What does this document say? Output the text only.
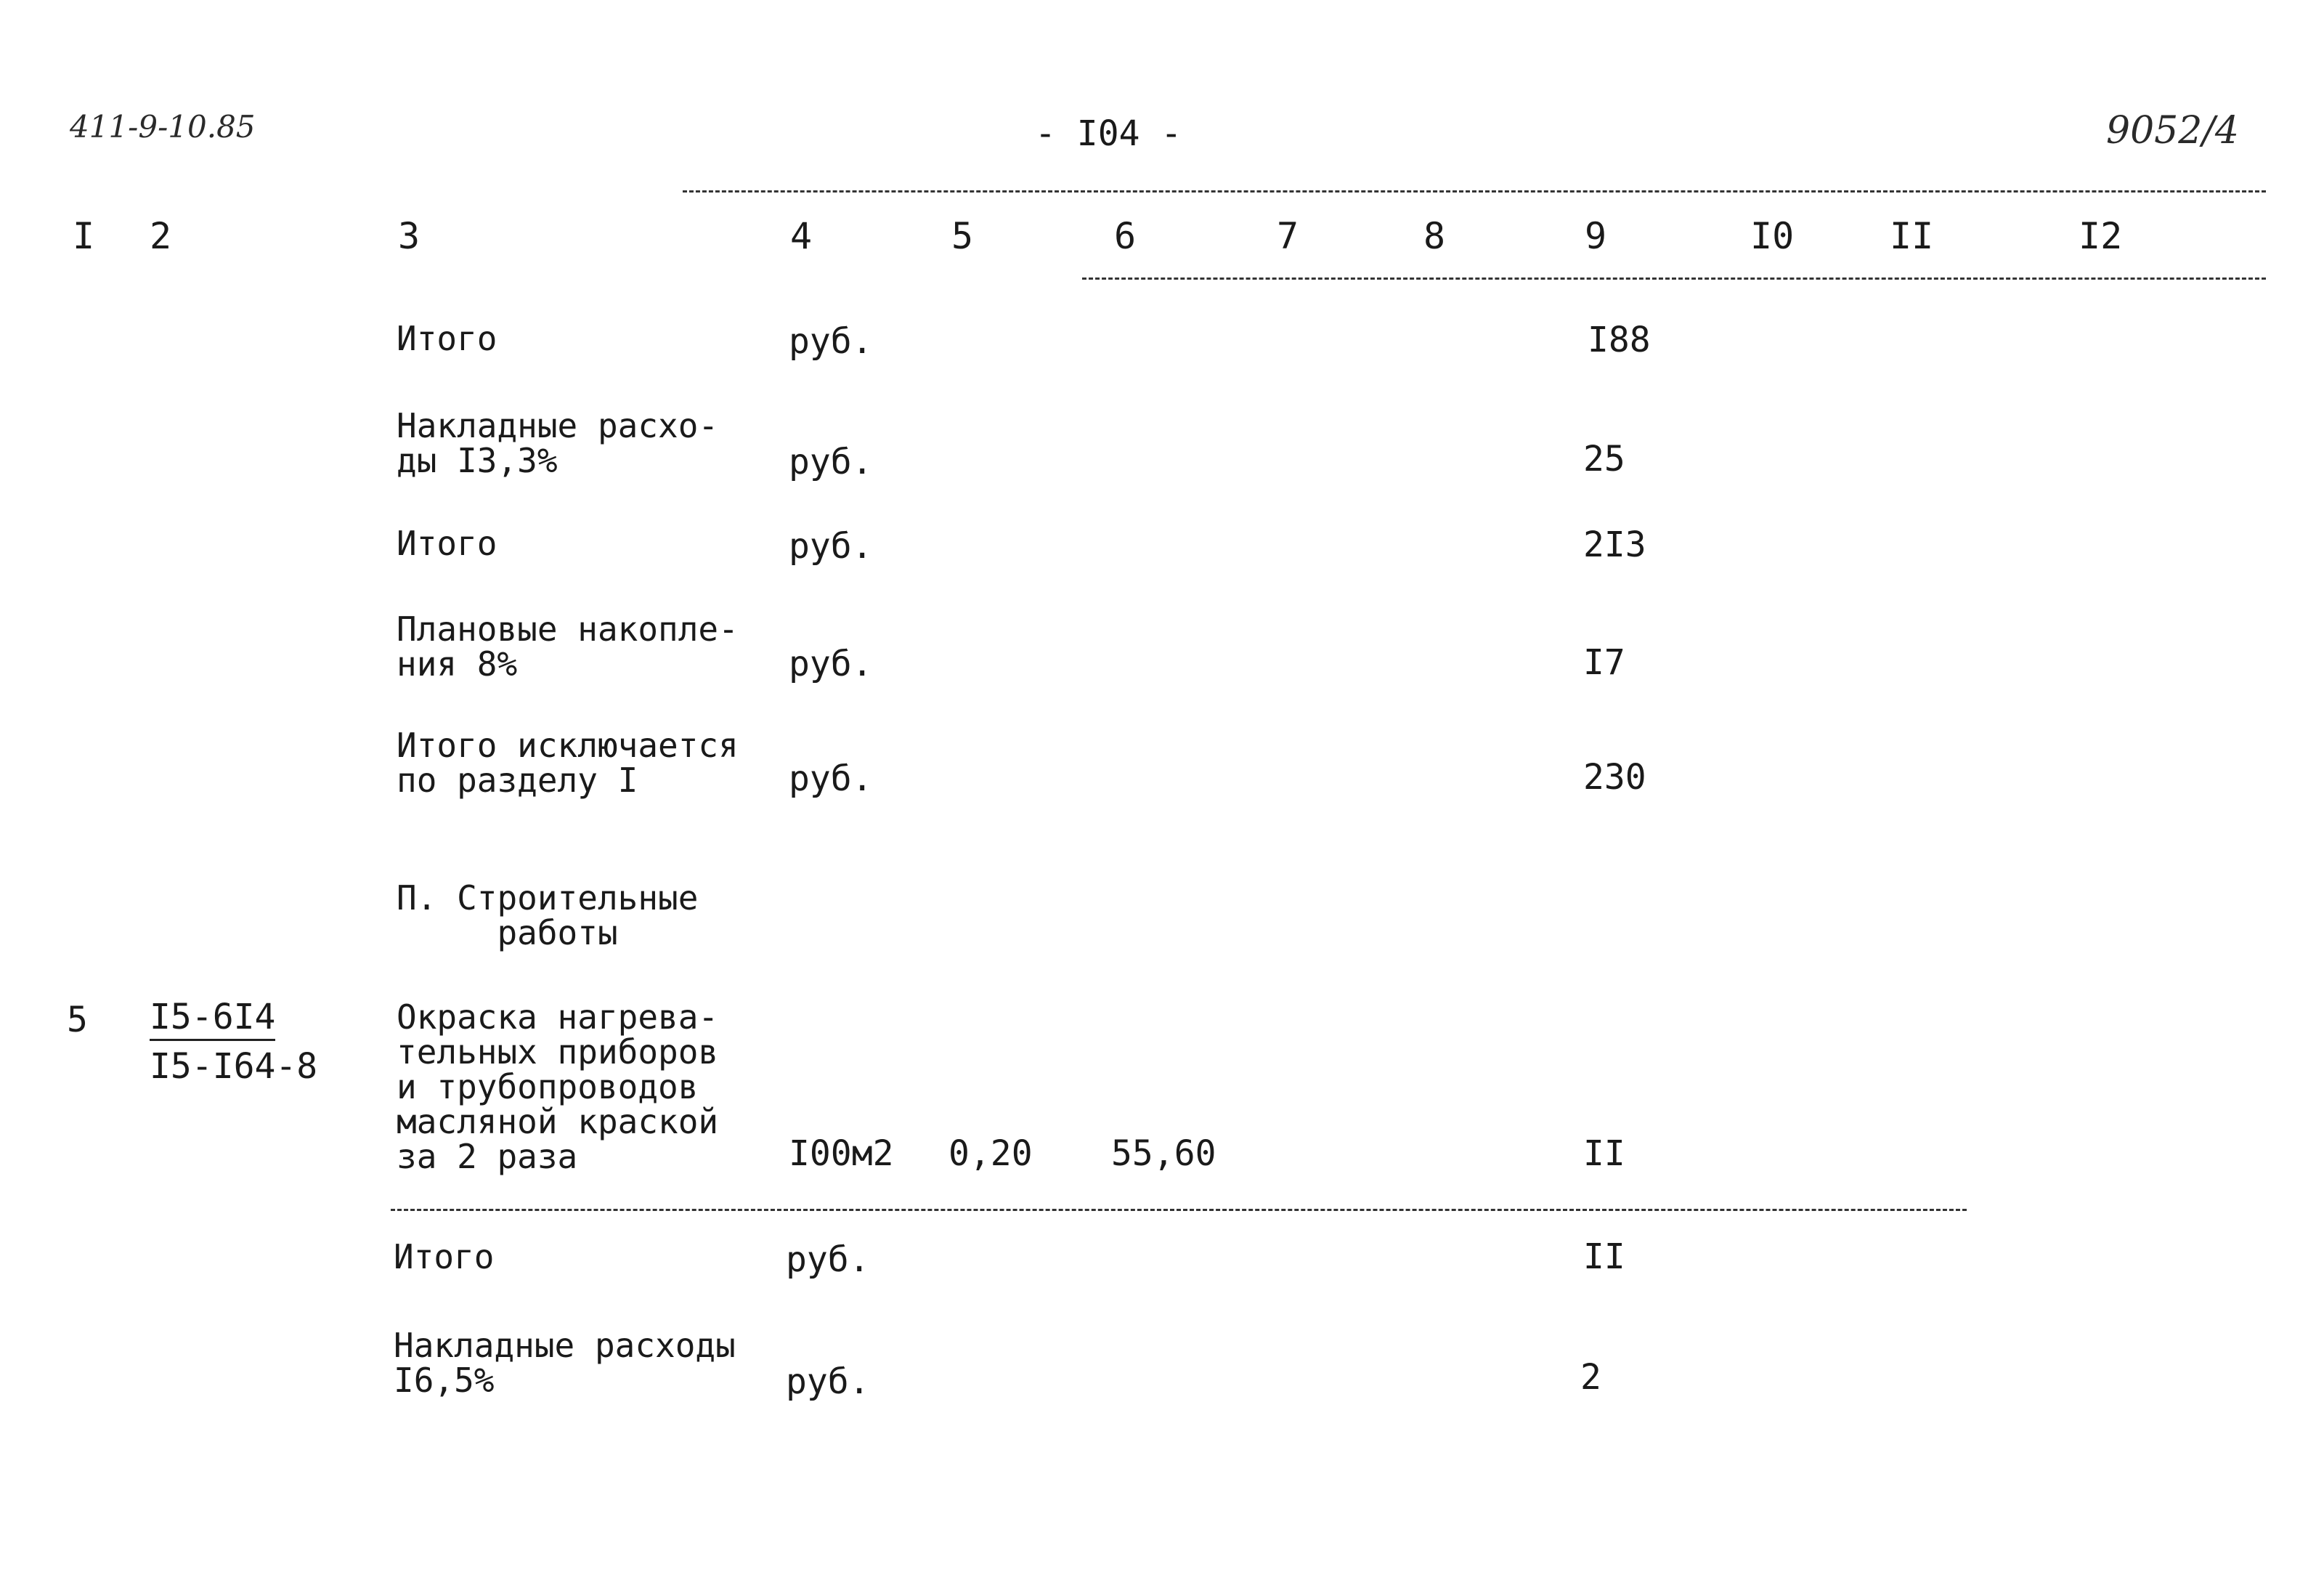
411-9-10.85	- I04 -	9052/4
I 2	3	4	5	6	7	8	9	I0	II	I2
Итого	руб.	I88
Накладные расхо-
ды I3,3%	руб.	25
Итого	руб.	2I3
Плановые накопле-
ния 8%	руб.	I7
Итого исключается
по разделу I	руб.	230
П. Строительные
работы
5 I5-6I4
I5-I64-8
Окраска нагрева-
тельных приборов
и трубопроводов
масляной краской
за 2 раза	I00м2 0,20 55,60	II
Итого	руб.	II
Накладные расходы
I6,5%	руб.	2
